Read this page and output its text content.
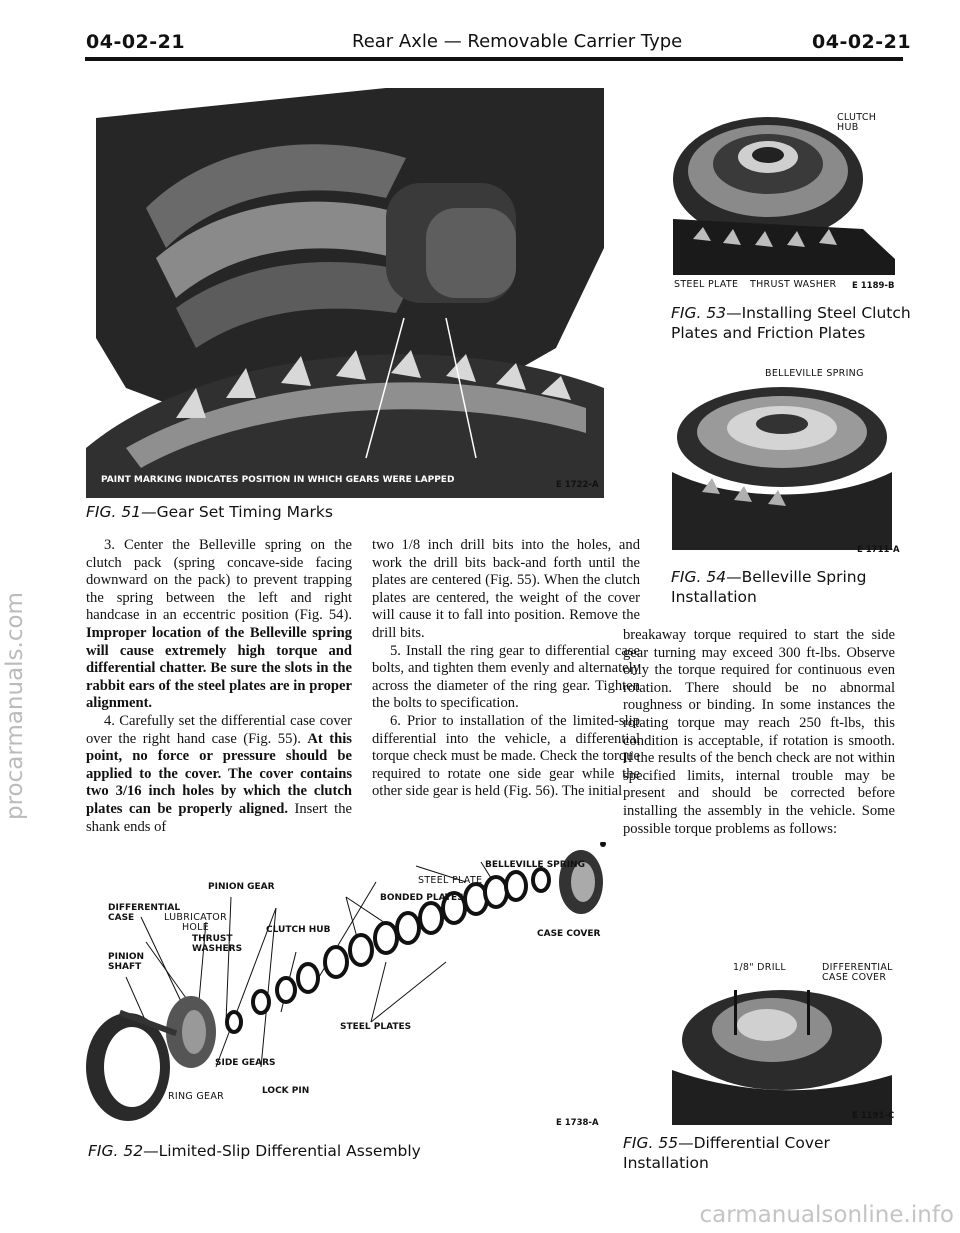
04-02-21	Rear Axle — Removable Carrier Type	04-02-21
PAINT MARKING INDICATES POSITION IN WHICH GEARS WERE LAPPED	E 1722-A
FIG. 51—Gear Set Timing Marks
CLUTCH HUB
STEEL PLATE THRUST WASHER E 1189-B
FIG. 53—Installing Steel Clutch Plates and Friction Plates
BELLEVILLE SPRING
E 1711-A
FIG. 54—Belleville Spring Installation

3. Center the Belleville spring on the clutch pack (spring concave-side facing downward on the pack) to prevent trapping the spring between the left and right handcase in an eccentric position (Fig. 54). Improper location of the Belleville spring will cause extremely high torque and differential chatter. Be sure the slots in the rabbit ears of the steel plates are in proper alignment.

4. Carefully set the differential case cover over the right hand case (Fig. 55). At this point, no force or pressure should be applied to the cover. The cover contains two 3/16 inch holes by which the clutch plates can be properly aligned. Insert the shank ends of

two 1/8 inch drill bits into the holes, and work the drill bits back-and forth until the plates are centered (Fig. 55). When the clutch plates are centered, the weight of the cover will cause it to fall into position. Remove the drill bits.

5. Install the ring gear to differential case bolts, and tighten them evenly and alternately across the diameter of the ring gear. Tighten the bolts to specification.

6. Prior to installation of the limited-slip differential into the vehicle, a differential torque check must be made. Check the torque required to rotate one side gear while the other side gear is held (Fig. 56). The initial

breakaway torque required to start the side gear turning may exceed 300 ft-lbs. Observe only the torque required for continuous even rotation. There should be no abnormal roughness or binding. In some instances the rotating torque may reach 250 ft-lbs, this condition is acceptable, if rotation is smooth. If the results of the bench check are not within specified limits, internal trouble may be present and should be corrected before installing the assembly in the vehicle. Some possible torque problems as follows:

BELLEVILLE SPRING
STEEL PLATE
BONDED PLATES
PINION GEAR
DIFFERENTIAL CASE	LUBRICATOR HOLE
THRUST WASHERS
CLUTCH HUB	CASE COVER
PINION SHAFT
STEEL PLATES
SIDE GEARS
LOCK PIN
RING GEAR
E 1738-A
FIG. 52—Limited-Slip Differential Assembly
1/8" DRILL	DIFFERENTIAL CASE COVER
E 1191-C
FIG. 55—Differential Cover Installation
procarmanuals.com
carmanualsonline.info
